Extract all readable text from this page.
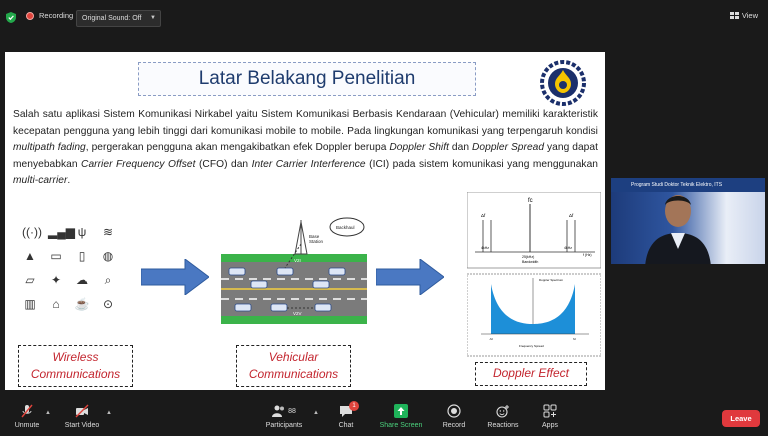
Recording	Original Sound: Off ▼	View
Latar Belakang Penelitian

Salah satu aplikasi Sistem Komunikasi Nirkabel yaitu Sistem Komunikasi Berbasis Kendaraan (Vehicular) memiliki karakteristik kecepatan pengguna yang lebih tinggi dari komunikasi mobile to mobile. Pada lingkungan komunikasi yang terpengaruh kondisi multipath fading, pergerakan pengguna akan mengakibatkan efek Doppler berupa Doppler Shift dan Doppler Spread yang dapat menyebabkan Carrier Frequency Offset (CFO) dan Inter Carrier Interference (ICI) pada sistem komunikasi yang menggunakan multi-carrier.

((·)) ▂▄▆ ψ	≋
▲ ▭	▯	◍
▱ ✦ ☁	⌕
▥	⌂	☕ ⊙
Base
Station
Backhaul
V2I
V2V
Δf
fc
Δf
4kHz	4kHz
25(kHz)
Bandwidth
f (Hz)
Doppler Spectrum
-fd	fd
Frequency Spread
Wireless
Communications
Vehicular
Communications	Doppler Effect
Program Studi Doktor Teknik Elektro, ITS
Unmute
▲
Start Video
▲	88
Participants
▲
1
Chat	Share Screen	Record	Reactions	Apps
Leave
